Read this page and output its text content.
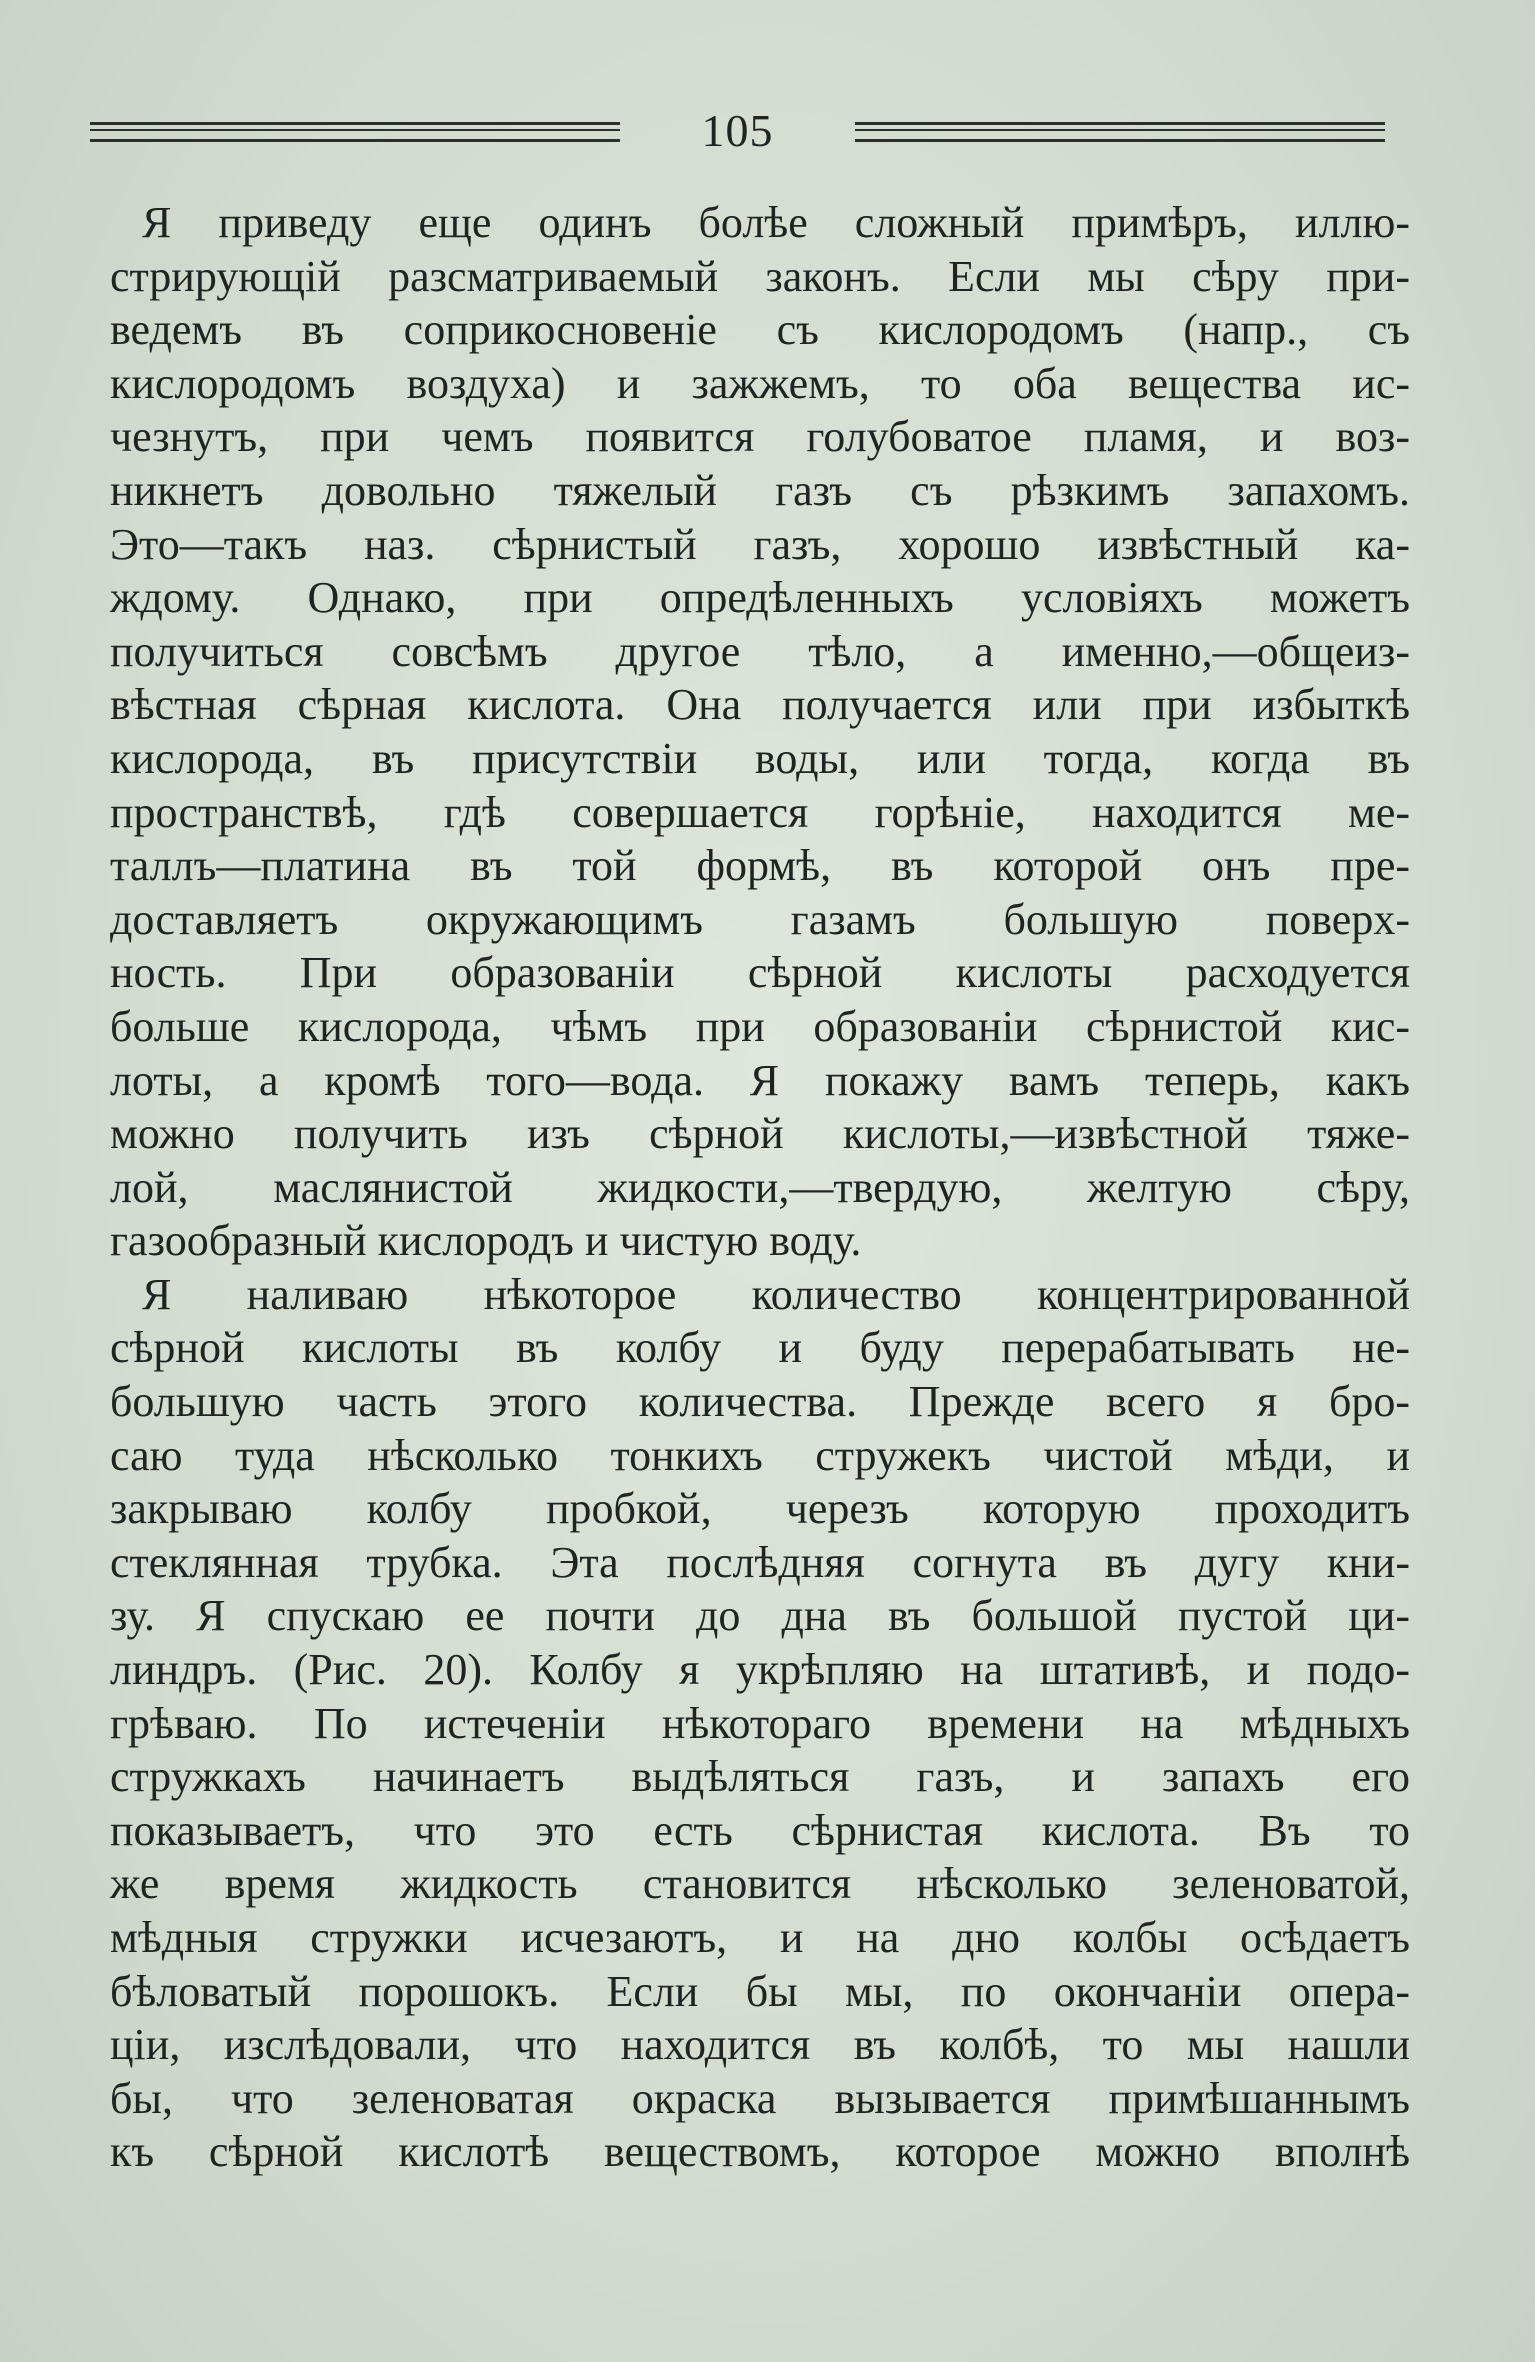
105
Я приведу еще одинъ болѣе сложный примѣръ, иллю-
стрирующій разсматриваемый законъ. Если мы сѣру при-
ведемъ въ соприкосновеніе съ кислородомъ (напр., съ
кислородомъ воздуха) и зажжемъ, то оба вещества ис-
чезнутъ, при чемъ появится голубоватое пламя, и воз-
никнетъ довольно тяжелый газъ съ рѣзкимъ запахомъ.
Это—такъ наз. сѣрнистый газъ, хорошо извѣстный ка-
ждому. Однако, при опредѣленныхъ условіяхъ можетъ
получиться совсѣмъ другое тѣло, а именно,—общеиз-
вѣстная сѣрная кислота. Она получается или при избыткѣ
кислорода, въ присутствіи воды, или тогда, когда въ
пространствѣ, гдѣ совершается горѣніе, находится ме-
таллъ—платина въ той формѣ, въ которой онъ пре-
доставляетъ окружающимъ газамъ большую поверх-
ность. При образованіи сѣрной кислоты расходуется
больше кислорода, чѣмъ при образованіи сѣрнистой кис-
лоты, а кромѣ того—вода. Я покажу вамъ теперь, какъ
можно получить изъ сѣрной кислоты,—извѣстной тяже-
лой, маслянистой жидкости,—твердую, желтую сѣру,
газообразный кислородъ и чистую воду.
Я наливаю нѣкоторое количество концентрированной
сѣрной кислоты въ колбу и буду перерабатывать не-
большую часть этого количества. Прежде всего я бро-
саю туда нѣсколько тонкихъ стружекъ чистой мѣди, и
закрываю колбу пробкой, черезъ которую проходитъ
стеклянная трубка. Эта послѣдняя согнута въ дугу кни-
зу. Я спускаю ее почти до дна въ большой пустой ци-
линдръ. (Рис. 20). Колбу я укрѣпляю на штативѣ, и подо-
грѣваю. По истеченіи нѣкотораго времени на мѣдныхъ
стружкахъ начинаетъ выдѣляться газъ, и запахъ его
показываетъ, что это есть сѣрнистая кислота. Въ то
же время жидкость становится нѣсколько зеленоватой,
мѣдныя стружки исчезаютъ, и на дно колбы осѣдаетъ
бѣловатый порошокъ. Если бы мы, по окончаніи опера-
ціи, изслѣдовали, что находится въ колбѣ, то мы нашли
бы, что зеленоватая окраска вызывается примѣшаннымъ
къ сѣрной кислотѣ веществомъ, которое можно вполнѣ
